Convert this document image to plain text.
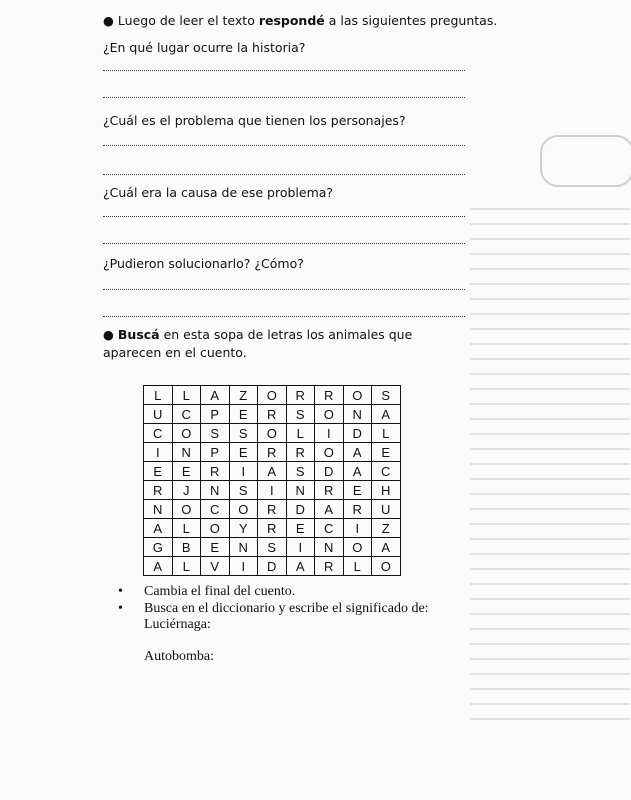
● Luego de leer el texto respondé a las siguientes preguntas.
¿En qué lugar ocurre la historia?
¿Cuál es el problema que tienen los personajes?
¿Cuál era la causa de ese problema?
¿Pudieron solucionarlo? ¿Cómo?
● Buscá en esta sopa de letras los animales que aparecen en el cuento.
L	L	A	Z	O	R	R	O	S
U	C	P	E	R	S	O	N	A
C	O	S	S	O	L	I	D	L
I	N	P	E	R	R	O	A	E
E	E	R	I	A	S	D	A	C
R	J	N	S	I	N	R	E	H
N	O	C	O	R	D	A	R	U
A	L	O	Y	R	E	C	I	Z
G	B	E	N	S	I	N	O	A
A	L	V	I	D	A	R	L	O
• Cambia el final del cuento.
• Busca en el diccionario y escribe el significado de:
Luciérnaga:
Autobomba:
